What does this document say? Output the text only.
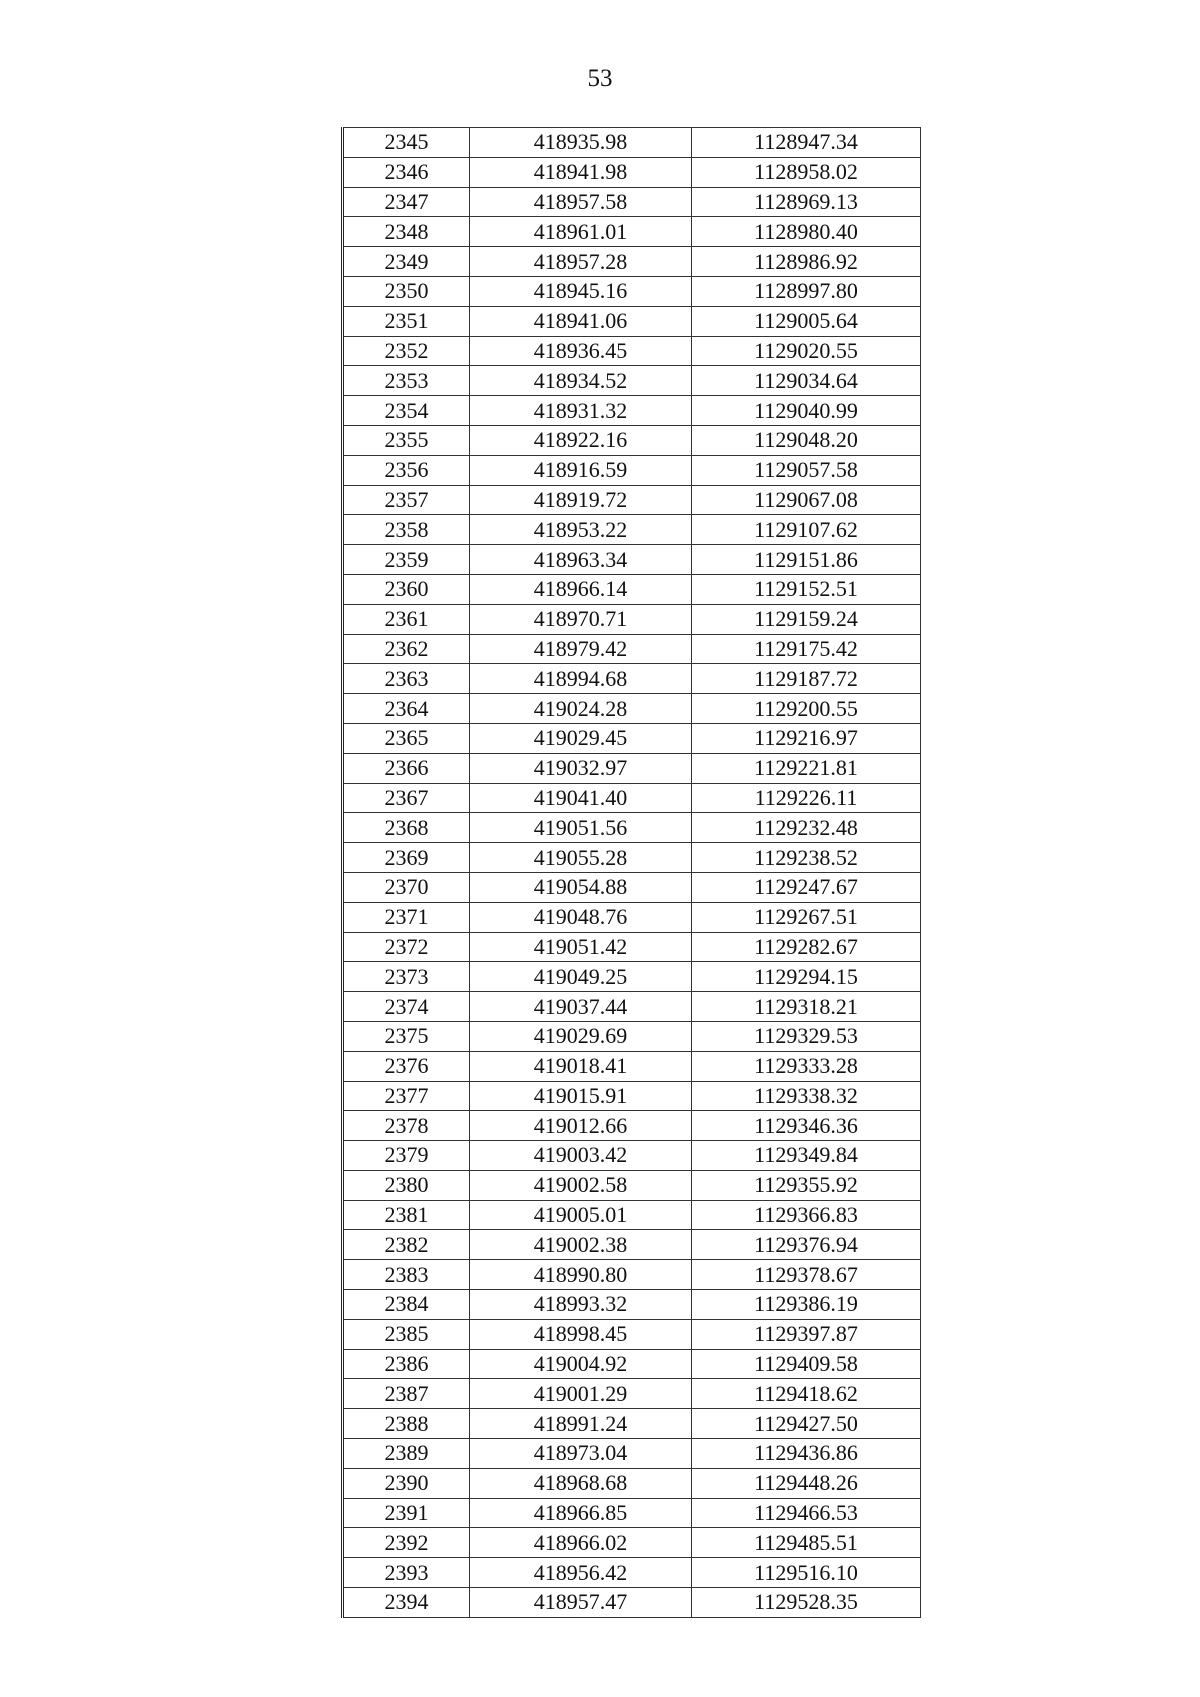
53
2345	418935.98	1128947.34
2346	418941.98	1128958.02
2347	418957.58	1128969.13
2348	418961.01	1128980.40
2349	418957.28	1128986.92
2350	418945.16	1128997.80
2351	418941.06	1129005.64
2352	418936.45	1129020.55
2353	418934.52	1129034.64
2354	418931.32	1129040.99
2355	418922.16	1129048.20
2356	418916.59	1129057.58
2357	418919.72	1129067.08
2358	418953.22	1129107.62
2359	418963.34	1129151.86
2360	418966.14	1129152.51
2361	418970.71	1129159.24
2362	418979.42	1129175.42
2363	418994.68	1129187.72
2364	419024.28	1129200.55
2365	419029.45	1129216.97
2366	419032.97	1129221.81
2367	419041.40	1129226.11
2368	419051.56	1129232.48
2369	419055.28	1129238.52
2370	419054.88	1129247.67
2371	419048.76	1129267.51
2372	419051.42	1129282.67
2373	419049.25	1129294.15
2374	419037.44	1129318.21
2375	419029.69	1129329.53
2376	419018.41	1129333.28
2377	419015.91	1129338.32
2378	419012.66	1129346.36
2379	419003.42	1129349.84
2380	419002.58	1129355.92
2381	419005.01	1129366.83
2382	419002.38	1129376.94
2383	418990.80	1129378.67
2384	418993.32	1129386.19
2385	418998.45	1129397.87
2386	419004.92	1129409.58
2387	419001.29	1129418.62
2388	418991.24	1129427.50
2389	418973.04	1129436.86
2390	418968.68	1129448.26
2391	418966.85	1129466.53
2392	418966.02	1129485.51
2393	418956.42	1129516.10
2394	418957.47	1129528.35
